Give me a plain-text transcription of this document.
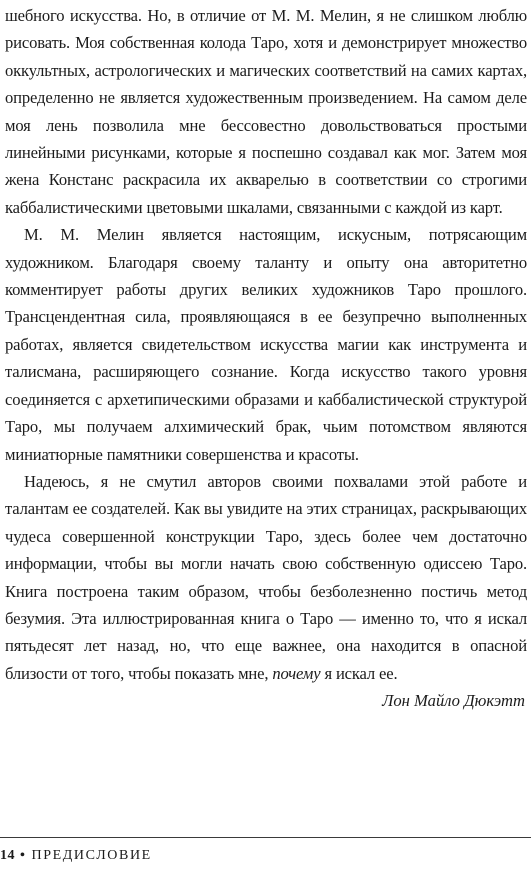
шебного искусства. Но, в отличие от М. М. Мелин, я не слишком люблю рисовать. Моя собственная колода Таро, хотя и демонстрирует множество оккультных, астрологических и магических соответствий на самих картах, определенно не является художественным произведением. На самом деле моя лень позволила мне бессовестно довольствоваться простыми линейными рисунками, которые я поспешно создавал как мог. Затем моя жена Констанс раскрасила их акварелью в соответствии со строгими каббалистическими цветовыми шкалами, связанными с каждой из карт.

М. М. Мелин является настоящим, искусным, потрясающим художником. Благодаря своему таланту и опыту она авторитетно комментирует работы других великих художников Таро прошлого. Трансцендентная сила, проявляющаяся в ее безупречно выполненных работах, является свидетельством искусства магии как инструмента и талисмана, расширяющего сознание. Когда искусство такого уровня соединяется с архетипическими образами и каббалистической структурой Таро, мы получаем алхимический брак, чьим потомством являются миниатюрные памятники совершенства и красоты.

Надеюсь, я не смутил авторов своими похвалами этой работе и талантам ее создателей. Как вы увидите на этих страницах, раскрывающих чудеса совершенной конструкции Таро, здесь более чем достаточно информации, чтобы вы могли начать свою собственную одиссею Таро. Книга построена таким образом, чтобы безболезненно постичь метод безумия. Эта иллюстрированная книга о Таро — именно то, что я искал пятьдесят лет назад, но, что еще важнее, она находится в опасной близости от того, чтобы показать мне, почему я искал ее.

Лон Майло Дюкэтт

14 • ПРЕДИСЛОВИЕ
